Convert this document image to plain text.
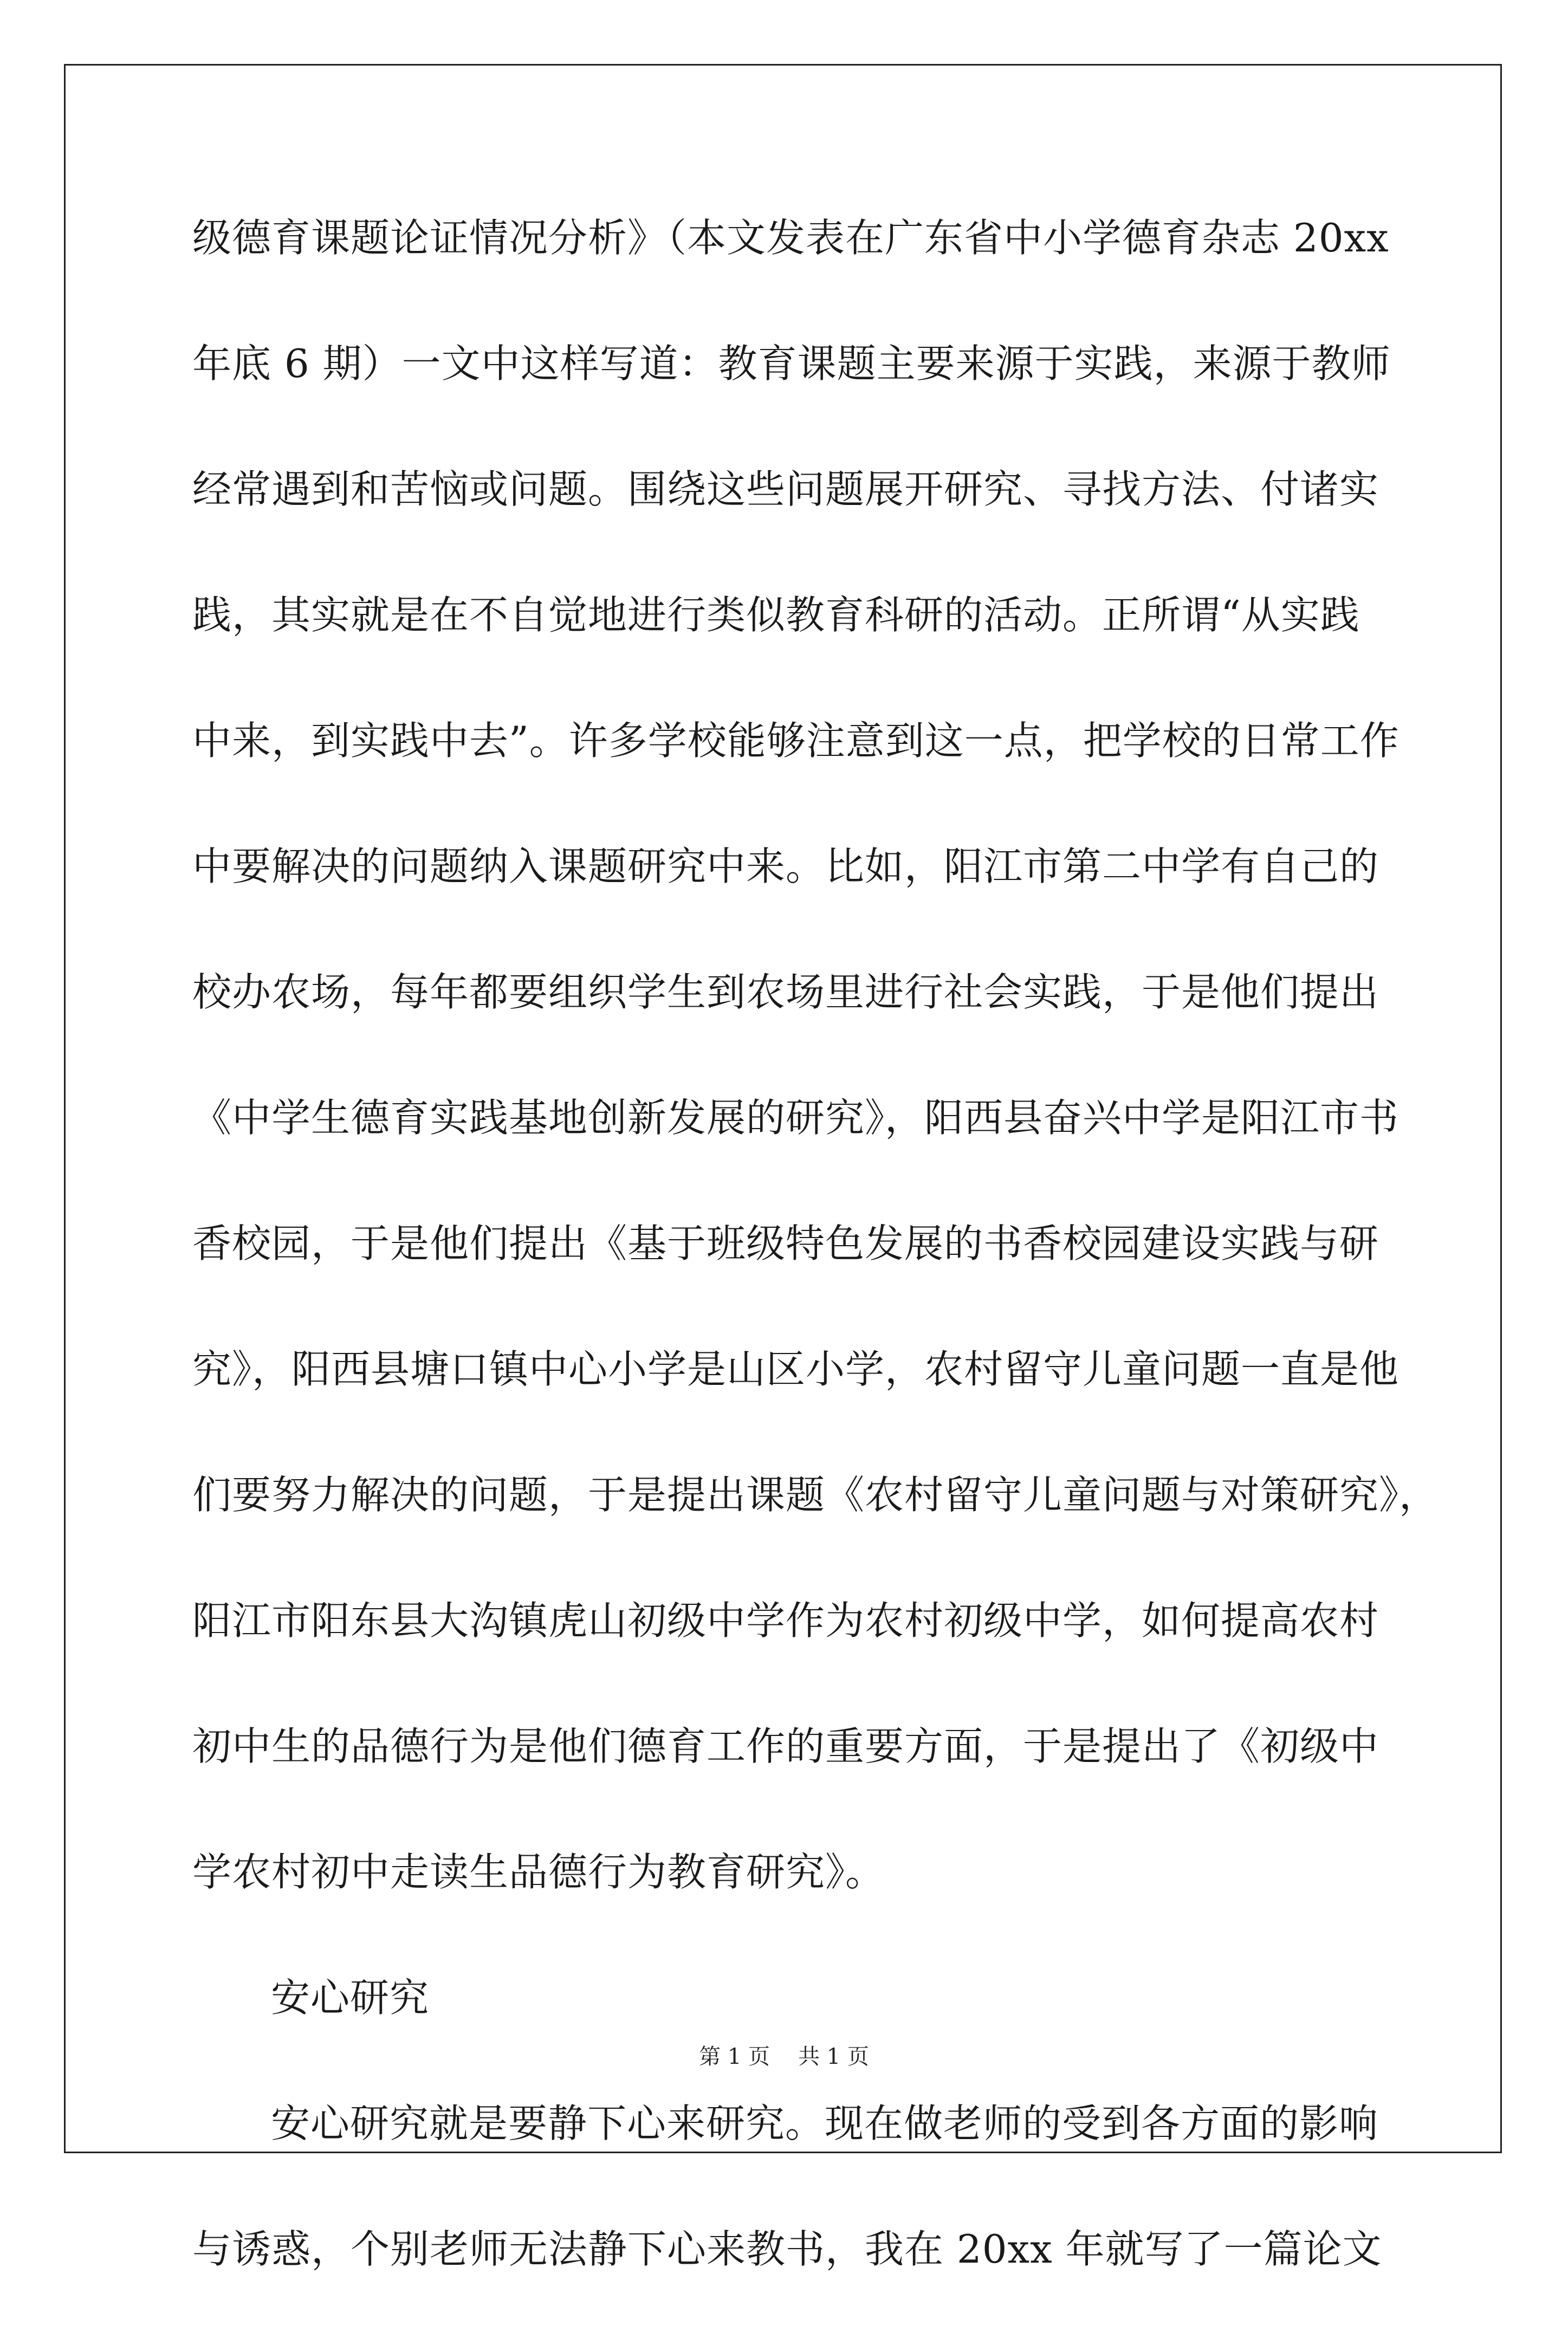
级德育课题论证情况分析》（本文发表在广东省中小学德育杂志 20xx
年底 6 期）一文中这样写道：教育课题主要来源于实践，来源于教师
经常遇到和苦恼或问题。围绕这些问题展开研究、寻找方法、付诸实
践，其实就是在不自觉地进行类似教育科研的活动。正所谓“从实践
中来，到实践中去”。许多学校能够注意到这一点，把学校的日常工作
中要解决的问题纳入课题研究中来。比如，阳江市第二中学有自己的
校办农场，每年都要组织学生到农场里进行社会实践，于是他们提出
《中学生德育实践基地创新发展的研究》，阳西县奋兴中学是阳江市书
香校园，于是他们提出《基于班级特色发展的书香校园建设实践与研
究》，阳西县塘口镇中心小学是山区小学，农村留守儿童问题一直是他
们要努力解决的问题，于是提出课题《农村留守儿童问题与对策研究》，
阳江市阳东县大沟镇虎山初级中学作为农村初级中学，如何提高农村
初中生的品德行为是他们德育工作的重要方面，于是提出了《初级中
学农村初中走读生品德行为教育研究》。
安心研究
安心研究就是要静下心来研究。现在做老师的受到各方面的影响
与诱惑，个别老师无法静下心来教书，我在 20xx 年就写了一篇论文
第 1 页 共 1 页
